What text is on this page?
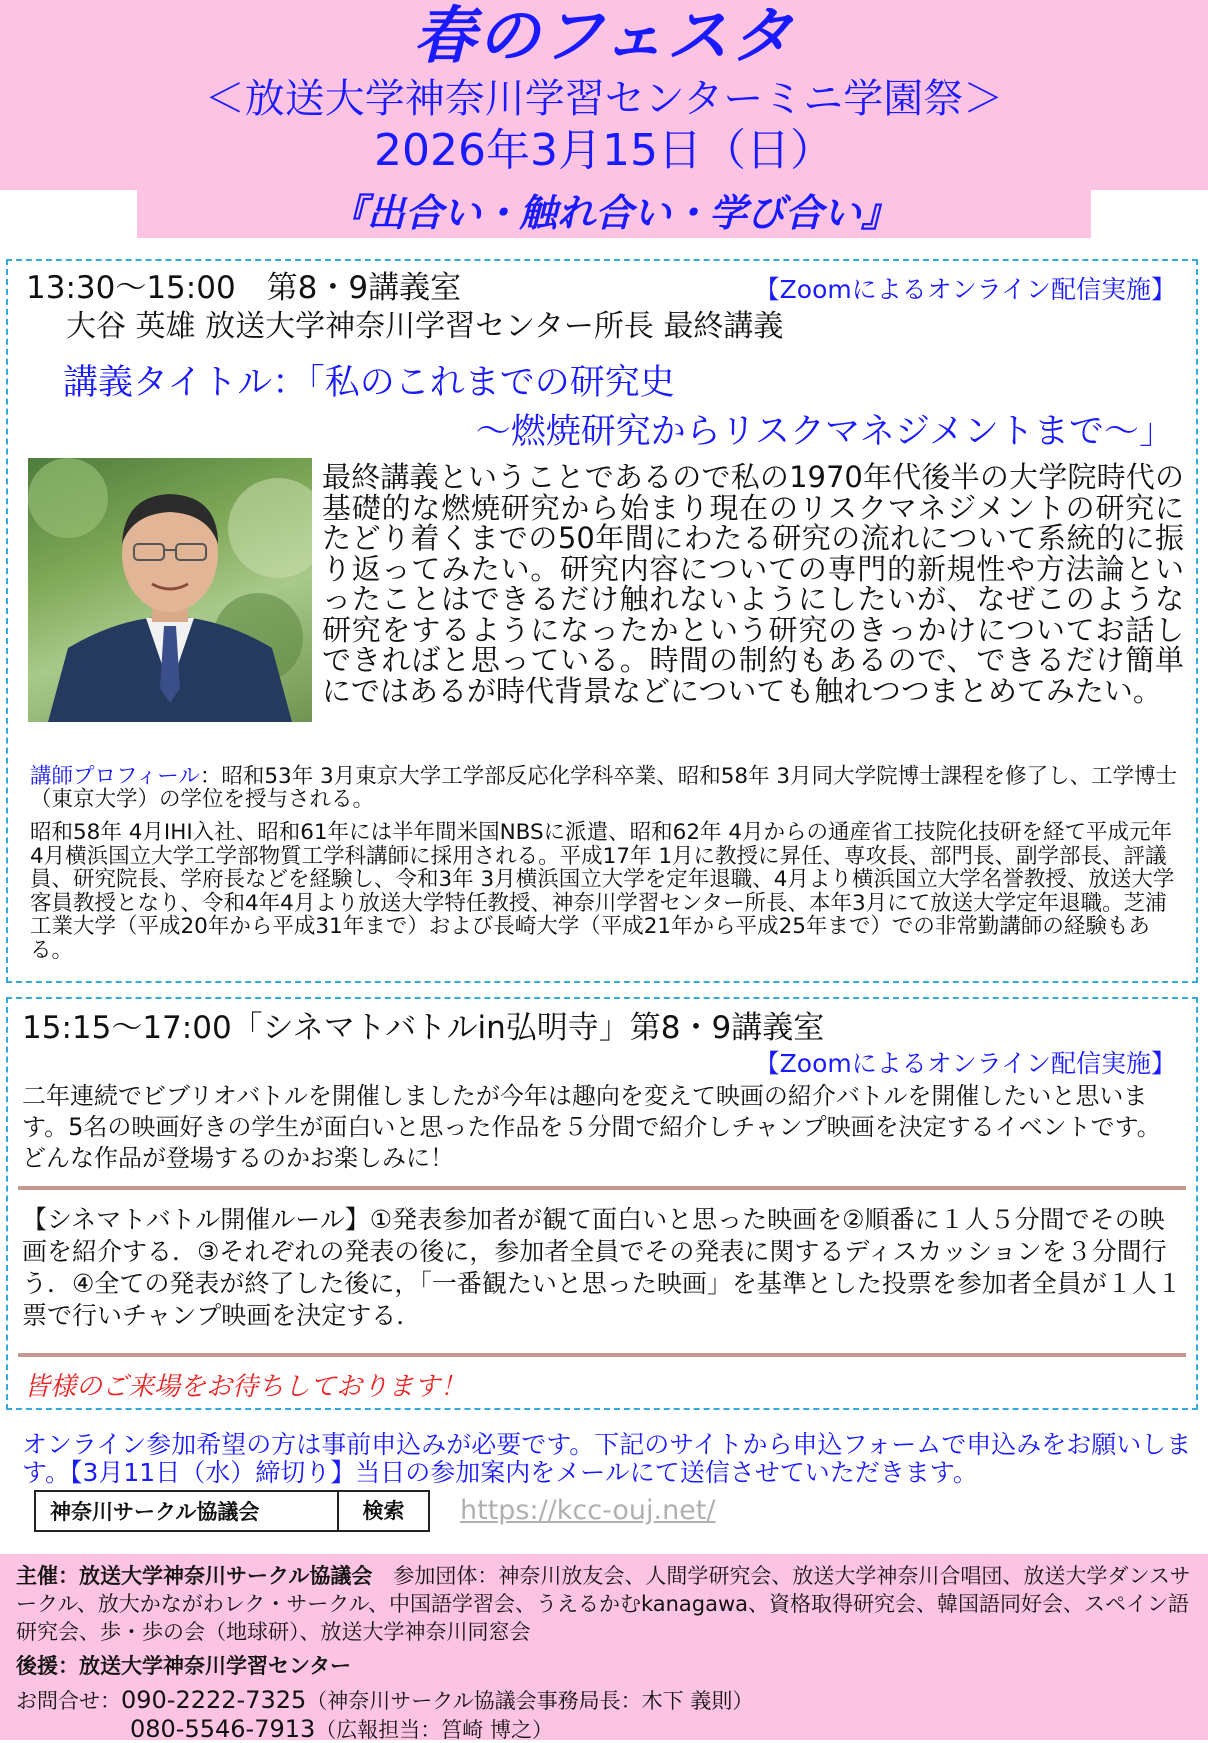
春のフェスタ
＜放送大学神奈川学習センターミニ学園祭＞
2026年3月15日（日）
『出合い・触れ合い・学び合い』
13:30～15:00　第8・9講義室	【Zoomによるオンライン配信実施】
大谷 英雄 放送大学神奈川学習センター所長 最終講義
講義タイトル：「私のこれまでの研究史
～燃焼研究からリスクマネジメントまで～」
最終講義ということであるので私の1970年代後半の大学院時代の基礎的な燃焼研究から始まり現在のリスクマネジメントの研究にたどり着くまでの50年間にわたる研究の流れについて系統的に振り返ってみたい。研究内容についての専門的新規性や方法論といったことはできるだけ触れないようにしたいが、なぜこのような研究をするようになったかという研究のきっかけについてお話しできればと思っている。時間の制約もあるので、できるだけ簡単にではあるが時代背景などについても触れつつまとめてみたい。
講師プロフィール：昭和53年 3月東京大学工学部反応化学科卒業、昭和58年 3月同大学院博士課程を修了し、工学博士（東京大学）の学位を授与される。
昭和58年 4月IHI入社、昭和61年には半年間米国NBSに派遣、昭和62年 4月からの通産省工技院化技研を経て平成元年 4月横浜国立大学工学部物質工学科講師に採用される。平成17年 1月に教授に昇任、専攻長、部門長、副学部長、評議員、研究院長、学府長などを経験し、令和3年 3月横浜国立大学を定年退職、4月より横浜国立大学名誉教授、放送大学客員教授となり、令和4年4月より放送大学特任教授、神奈川学習センター所長、本年3月にて放送大学定年退職。芝浦工業大学（平成20年から平成31年まで）および長崎大学（平成21年から平成25年まで）での非常勤講師の経験もある。
15:15～17:00「シネマトバトルin弘明寺」第8・9講義室
【Zoomによるオンライン配信実施】
二年連続でビブリオバトルを開催しましたが今年は趣向を変えて映画の紹介バトルを開催したいと思います。5名の映画好きの学生が面白いと思った作品を５分間で紹介しチャンプ映画を決定するイベントです。どんな作品が登場するのかお楽しみに！
【シネマトバトル開催ルール】①発表参加者が観て面白いと思った映画を②順番に１人５分間でその映画を紹介する．③それぞれの発表の後に，参加者全員でその発表に関するディスカッションを３分間行う．④全ての発表が終了した後に，「一番観たいと思った映画」を基準とした投票を参加者全員が１人１票で行いチャンプ映画を決定する．
皆様のご来場をお待ちしております！
オンライン参加希望の方は事前申込みが必要です。下記のサイトから申込フォームで申込みをお願いします。【3月11日（水）締切り】当日の参加案内をメールにて送信させていただきます。
神奈川サークル協議会
検索	https://kcc-ouj.net/
主催：放送大学神奈川サークル協議会　参加団体：神奈川放友会、人間学研究会、放送大学神奈川合唱団、放送大学ダンスサークル、放大かながわレク・サークル、中国語学習会、うえるかむkanagawa、資格取得研究会、韓国語同好会、スペイン語研究会、歩・歩の会（地球研）、放送大学神奈川同窓会
後援：放送大学神奈川学習センター
お問合せ：090-2222-7325（神奈川サークル協議会事務局長：木下 義則）
080-5546-7913（広報担当：筥崎 博之）
